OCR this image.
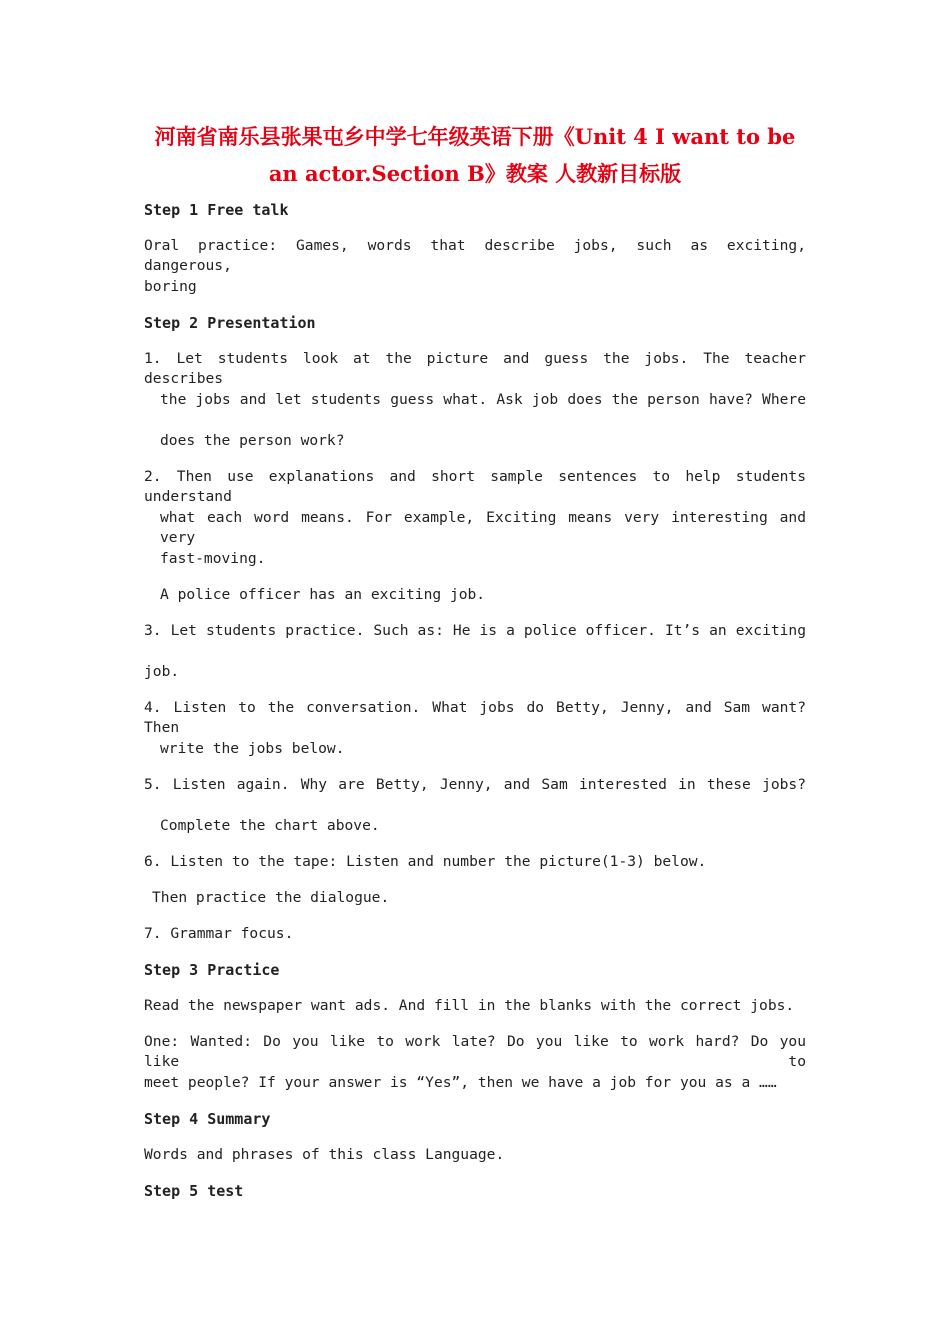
河南省南乐县张果屯乡中学七年级英语下册《Unit 4 I want to be
an actor.Section B》教案 人教新目标版
Step 1 Free talk
Oral practice: Games, words that describe jobs, such as exciting, dangerous,
boring
Step 2 Presentation
1. Let students look at the picture and guess the jobs. The teacher describes
the jobs and let students guess what. Ask job does the person have? Where
does the person work?
2. Then use explanations and short sample sentences to help students understand
what each word means. For example, Exciting means very interesting and very
fast-moving.
A police officer has an exciting job.
3. Let students practice. Such as: He is a police officer. It’s an exciting
job.
4. Listen to the conversation. What jobs do Betty, Jenny, and Sam want? Then
write the jobs below.
5. Listen again. Why are Betty, Jenny, and Sam interested in these jobs?
Complete the chart above.
6. Listen to the tape: Listen and number the picture(1-3) below.
Then practice the dialogue.
7. Grammar focus.
Step 3 Practice
Read the newspaper want ads. And fill in the blanks with the correct jobs.
One: Wanted: Do you like to work late? Do you like to work hard? Do you like to
meet people? If your answer is “Yes”, then we have a job for you as a ……
Step 4 Summary
Words and phrases of this class Language.
Step 5 test
